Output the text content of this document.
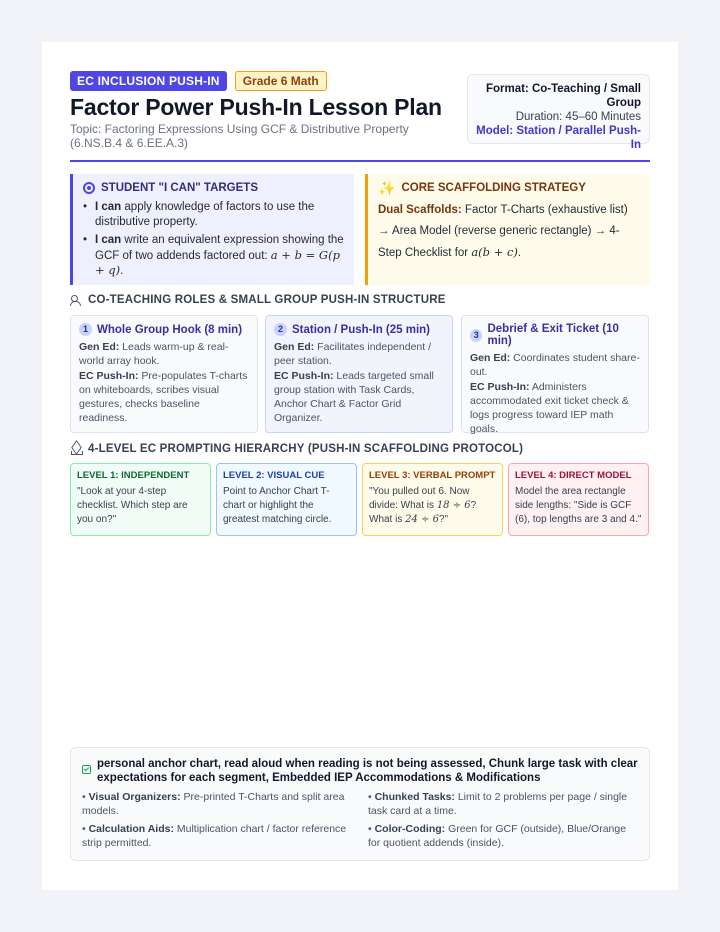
EC INCLUSION PUSH-IN	Grade 6 Math
Factor Power Push-In Lesson Plan
Topic: Factoring Expressions Using GCF & Distributive Property (6.NS.B.4 & 6.EE.A.3)
Format: Co-Teaching / Small Group
Duration: 45–60 Minutes
Model: Station / Parallel Push-In
STUDENT "I CAN" TARGETS
• I can apply knowledge of factors to use the distributive property.
• I can write an equivalent expression showing the GCF of two addends factored out: a + b = G(p + q).
✨ CORE SCAFFOLDING STRATEGY
Dual Scaffolds: Factor T-Charts (exhaustive list) → Area Model (reverse generic rectangle) → 4-Step Checklist for a(b + c).
CO-TEACHING ROLES & SMALL GROUP PUSH-IN STRUCTURE
1 Whole Group Hook (8 min)

Gen Ed: Leads warm-up & real-world array hook.

EC Push-In: Pre-populates T-charts on whiteboards, scribes visual gestures, checks baseline readiness.

2 Station / Push-In (25 min)

Gen Ed: Facilitates independent / peer station.

EC Push-In: Leads targeted small group station with Task Cards, Anchor Chart & Factor Grid Organizer.

3 Debrief & Exit Ticket (10 min)

Gen Ed: Coordinates student share-out.

EC Push-In: Administers accommodated exit ticket check & logs progress toward IEP math goals.

4-LEVEL EC PROMPTING HIERARCHY (PUSH-IN SCAFFOLDING PROTOCOL)
LEVEL 1: INDEPENDENT

"Look at your 4-step checklist. Which step are you on?"

LEVEL 2: VISUAL CUE

Point to Anchor Chart T-chart or highlight the greatest matching circle.

LEVEL 3: VERBAL PROMPT

"You pulled out 6. Now divide: What is 18 ÷ 6? What is 24 ÷ 6?"

LEVEL 4: DIRECT MODEL

Model the area rectangle side lengths: "Side is GCF (6), top lengths are 3 and 4."

personal anchor chart, read aloud when reading is not being assessed, Chunk large task with clear expectations for each segment, Embedded IEP Accommodations & Modifications
• Visual Organizers: Pre-printed T-Charts and split area models.
• Chunked Tasks: Limit to 2 problems per page / single task card at a time.
• Calculation Aids: Multiplication chart / factor reference strip permitted.
• Color-Coding: Green for GCF (outside), Blue/Orange for quotient addends (inside).
